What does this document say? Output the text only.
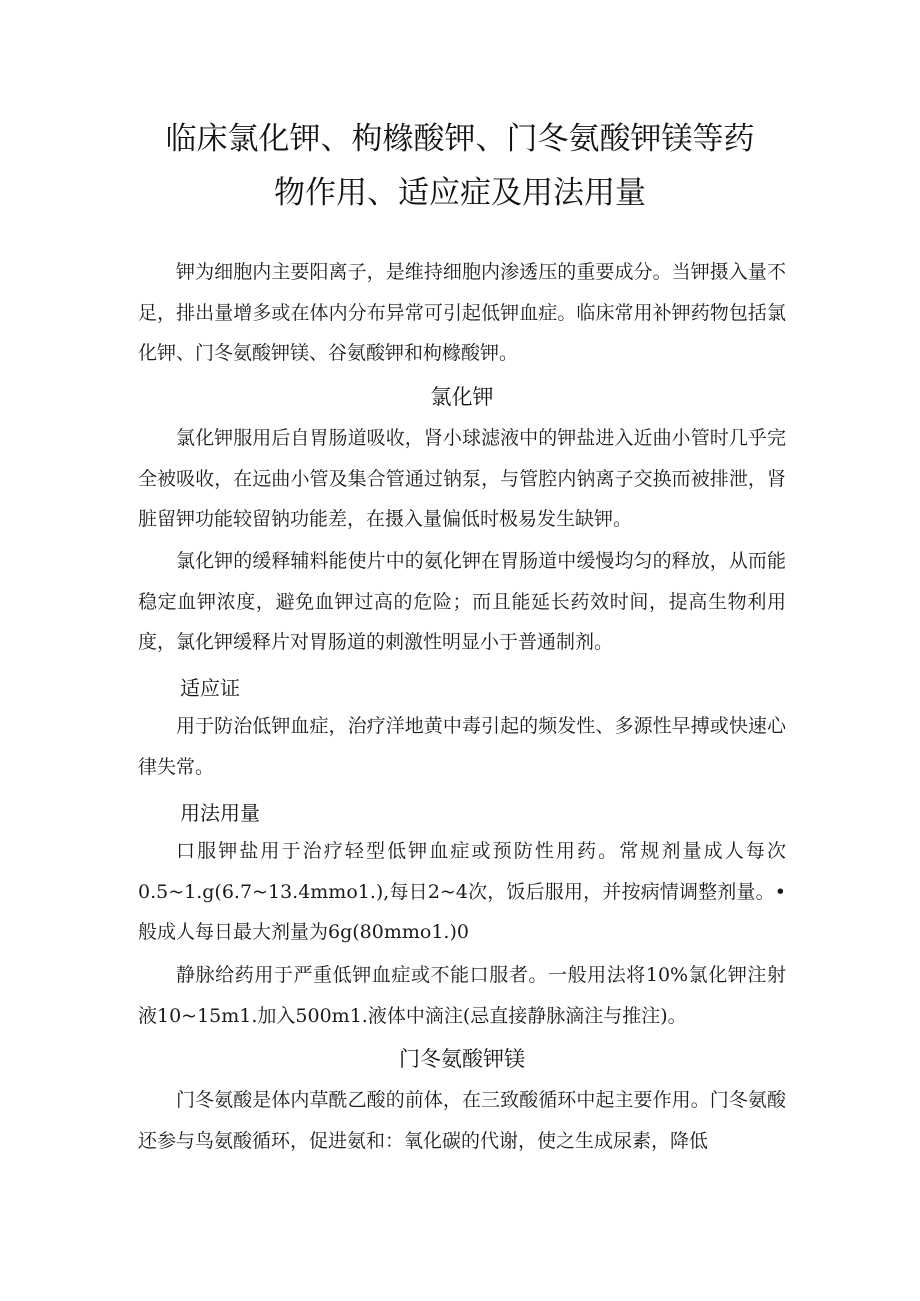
临床氯化钾、枸橼酸钾、门冬氨酸钾镁等药
物作用、适应症及用法用量
钾为细胞内主要阳离子，是维持细胞内渗透压的重要成分。当钾摄入量不足，排出量增多或在体内分布异常可引起低钾血症。临床常用补钾药物包括氯化钾、门冬氨酸钾镁、谷氨酸钾和枸橼酸钾。
氯化钾
氯化钾服用后自胃肠道吸收，肾小球滤液中的钾盐进入近曲小管时几乎完全被吸收，在远曲小管及集合管通过钠泵，与管腔内钠离子交换而被排泄，肾脏留钾功能较留钠功能差，在摄入量偏低时极易发生缺钾。
氯化钾的缓释辅料能使片中的氨化钾在胃肠道中缓慢均匀的释放，从而能稳定血钾浓度，避免血钾过高的危险；而且能延长药效时间，提高生物利用度，氯化钾缓释片对胃肠道的刺激性明显小于普通制剂。
适应证
用于防治低钾血症，治疗洋地黄中毒引起的频发性、多源性早搏或快速心律失常。
用法用量
口服钾盐用于治疗轻型低钾血症或预防性用药。常规剂量成人每次0.5~1.g(6.7~13.4mmo1.),每日2~4次，饭后服用，并按病情调整剂量。•般成人每日最大剂量为6g(80mmo1.)0
静脉给药用于严重低钾血症或不能口服者。一般用法将10%氯化钾注射液10~15m1.加入500m1.液体中滴注(忌直接静脉滴注与推注)。
门冬氨酸钾镁
门冬氨酸是体内草酰乙酸的前体，在三致酸循环中起主要作用。门冬氨酸还参与鸟氨酸循环，促进氨和：氧化碳的代谢，使之生成尿素，降低
